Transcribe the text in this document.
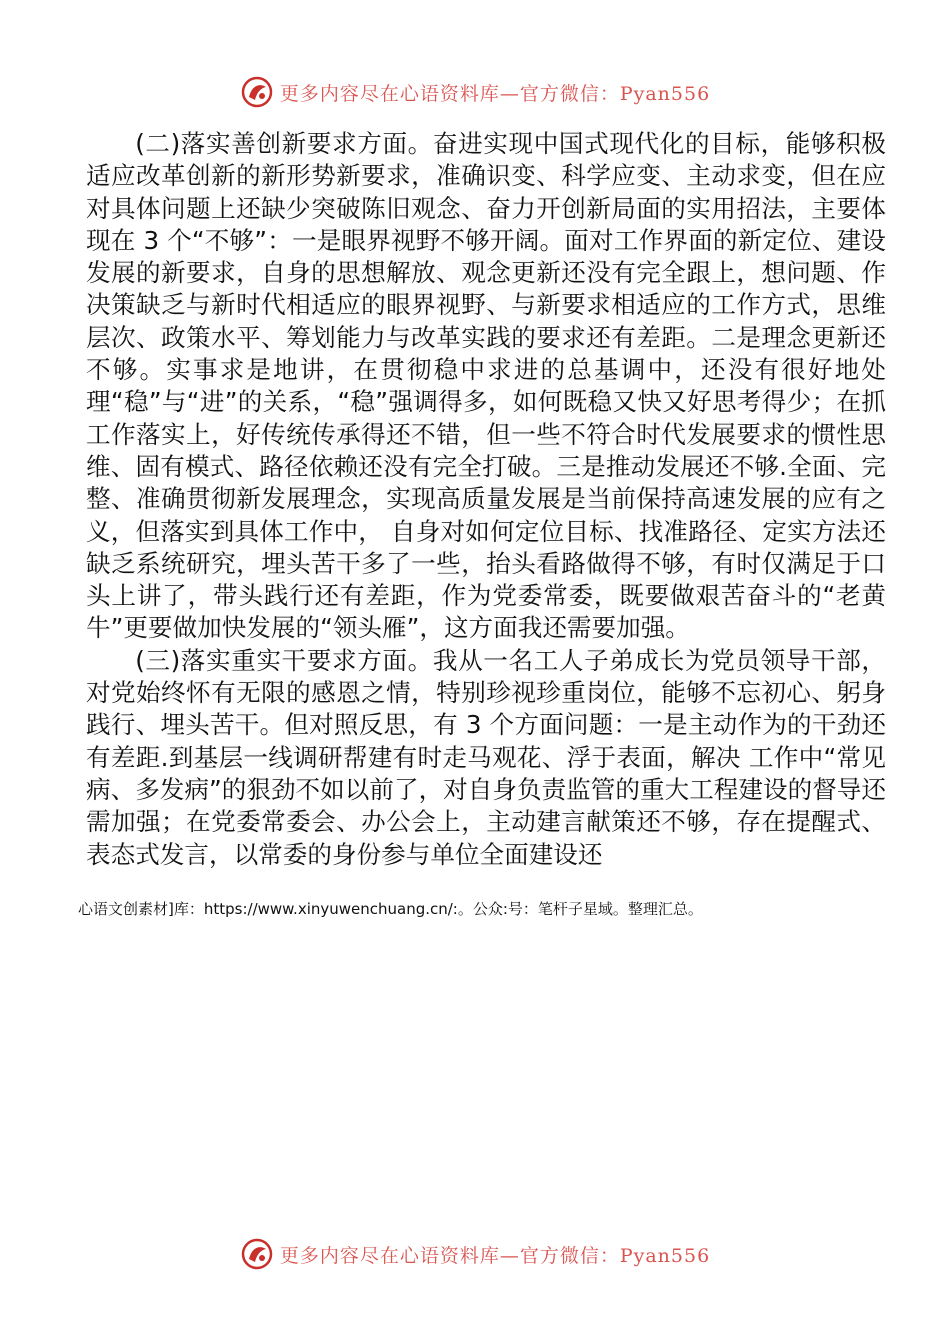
更多内容尽在心语资料库—官方微信：Pyan556

(二)落实善创新要求方面。奋进实现中国式现代化的目标，能够积极适应改革创新的新形势新要求，准确识变、科学应变、主动求变，但在应对具体问题上还缺少突破陈旧观念、奋力开创新局面的实用招法，主要体现在 3 个“不够”：一是眼界视野不够开阔。面对工作界面的新定位、建设发展的新要求，自身的思想解放、观念更新还没有完全跟上，想问题、作决策缺乏与新时代相适应的眼界视野、与新要求相适应的工作方式，思维层次、政策水平、筹划能力与改革实践的要求还有差距。二是理念更新还不够。实事求是地讲，在贯彻稳中求进的总基调中，还没有很好地处理“稳”与“进”的关系，“稳”强调得多，如何既稳又快又好思考得少；在抓工作落实上，好传统传承得还不错，但一些不符合时代发展要求的惯性思维、固有模式、路径依赖还没有完全打破。三是推动发展还不够.全面、完整、准确贯彻新发展理念，实现高质量发展是当前保持高速发展的应有之义，但落实到具体工作中， 自身对如何定位目标、找准路径、定实方法还缺乏系统研究，埋头苦干多了一些，抬头看路做得不够，有时仅满足于口头上讲了，带头践行还有差距，作为党委常委，既要做艰苦奋斗的“老黄牛”更要做加快发展的“领头雁”，这方面我还需要加强。

(三)落实重实干要求方面。我从一名工人子弟成长为党员领导干部，对党始终怀有无限的感恩之情，特别珍视珍重岗位，能够不忘初心、躬身践行、埋头苦干。但对照反思，有 3 个方面问题：一是主动作为的干劲还有差距.到基层一线调研帮建有时走马观花、浮于表面，解决 工作中“常见病、多发病”的狠劲不如以前了，对自身负责监管的重大工程建设的督导还需加强；在党委常委会、办公会上，主动建言献策还不够，存在提醒式、表态式发言，以常委的身份参与单位全面建设还

心语文创素材]库：https://www.xinyuwenchuang.cn/:。公众:号：笔杆子星域。整理汇总。
更多内容尽在心语资料库—官方微信：Pyan556
